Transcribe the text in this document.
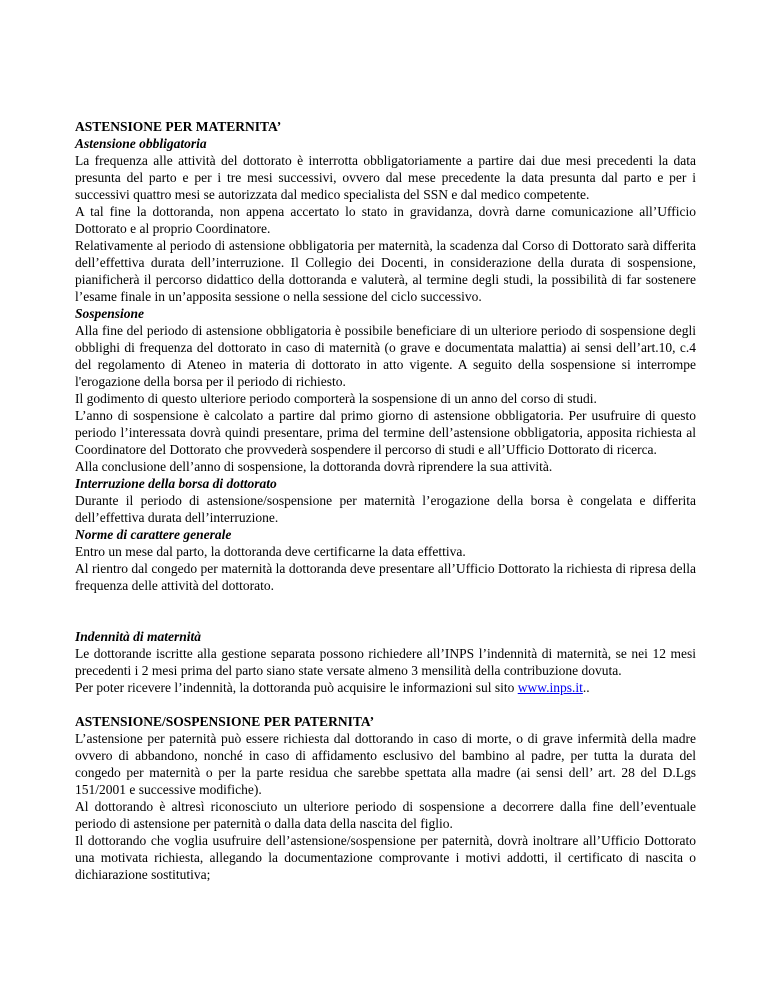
ASTENSIONE PER MATERNITA’

Astensione obbligatoria

La frequenza alle attività del dottorato è interrotta obbligatoriamente a partire dai due mesi precedenti la data presunta del parto e per i tre mesi successivi, ovvero dal mese precedente la data presunta dal parto e per i successivi quattro mesi se autorizzata dal medico specialista del SSN e dal medico competente.

A tal fine la dottoranda, non appena accertato lo stato in gravidanza, dovrà darne comunicazione all’Ufficio Dottorato e al proprio Coordinatore.

Relativamente al periodo di astensione obbligatoria per maternità, la scadenza dal Corso di Dottorato sarà differita dell’effettiva durata dell’interruzione. Il Collegio dei Docenti, in considerazione della durata di sospensione, pianificherà il percorso didattico della dottoranda e valuterà, al termine degli studi, la possibilità di far sostenere l’esame finale in un’apposita sessione o nella sessione del ciclo successivo.

Sospensione

Alla fine del periodo di astensione obbligatoria è possibile beneficiare di un ulteriore periodo di sospensione degli obblighi di frequenza del dottorato in caso di maternità (o grave e documentata malattia) ai sensi dell’art.10, c.4 del regolamento di Ateneo in materia di dottorato in atto vigente. A seguito della sospensione si interrompe l'erogazione della borsa per il periodo di richiesto.

Il godimento di questo ulteriore periodo comporterà la sospensione di un anno del corso di studi.

L’anno di sospensione è calcolato a partire dal primo giorno di astensione obbligatoria. Per usufruire di questo periodo l’interessata dovrà quindi presentare, prima del termine dell’astensione obbligatoria, apposita richiesta al Coordinatore del Dottorato che provvederà sospendere il percorso di studi e all’Ufficio Dottorato di ricerca.

Alla conclusione dell’anno di sospensione, la dottoranda dovrà riprendere la sua attività.

Interruzione della borsa di dottorato

Durante il periodo di astensione/sospensione per maternità l’erogazione della borsa è congelata e differita dell’effettiva durata dell’interruzione.

Norme di carattere generale

Entro un mese dal parto, la dottoranda deve certificarne la data effettiva.

Al rientro dal congedo per maternità la dottoranda deve presentare all’Ufficio Dottorato la richiesta di ripresa della frequenza delle attività del dottorato.

Indennità di maternità

Le dottorande iscritte alla gestione separata possono richiedere all’INPS l’indennità di maternità, se nei 12 mesi precedenti i 2 mesi prima del parto siano state versate almeno 3 mensilità della contribuzione dovuta.

Per poter ricevere l’indennità, la dottoranda può acquisire le informazioni sul sito www.inps.it..

ASTENSIONE/SOSPENSIONE PER PATERNITA’

L’astensione per paternità può essere richiesta dal dottorando in caso di morte, o di grave infermità della madre ovvero di abbandono, nonché in caso di affidamento esclusivo del bambino al padre, per tutta la durata del congedo per maternità o per la parte residua che sarebbe spettata alla madre (ai sensi dell’ art. 28 del D.Lgs 151/2001 e successive modifiche).

Al dottorando è altresì riconosciuto un ulteriore periodo di sospensione a decorrere dalla fine dell’eventuale periodo di astensione per paternità o dalla data della nascita del figlio.

Il dottorando che voglia usufruire dell’astensione/sospensione per paternità, dovrà inoltrare all’Ufficio Dottorato una motivata richiesta, allegando la documentazione comprovante i motivi addotti, il certificato di nascita o dichiarazione sostitutiva;
